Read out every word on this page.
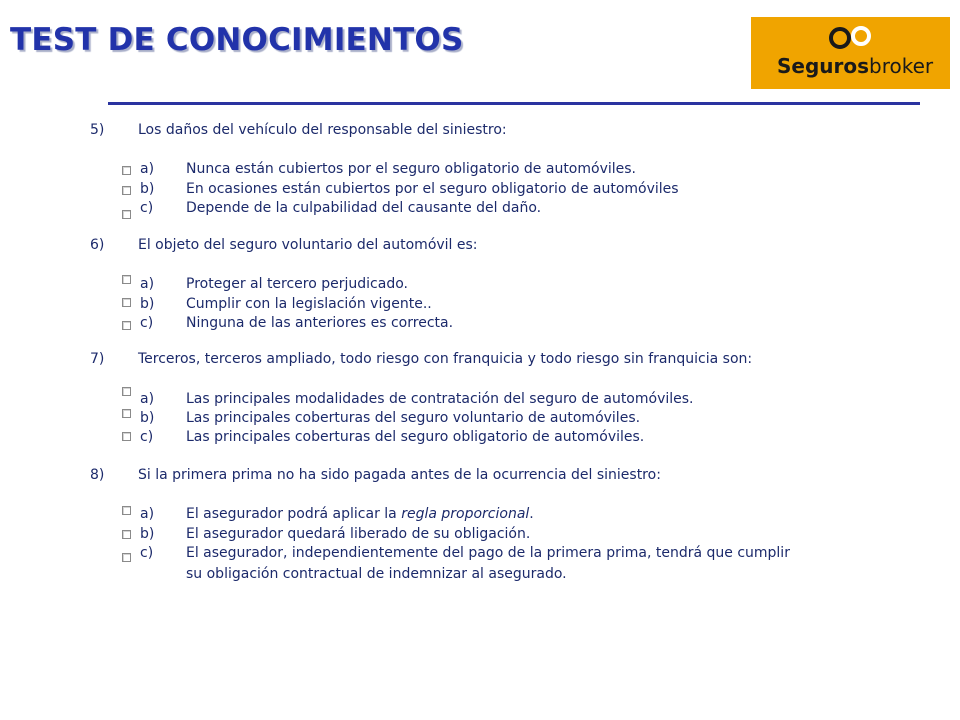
TEST DE CONOCIMIENTOS
Segurosbroker
5) Los daños del vehículo del responsable del siniestro:
a) Nunca están cubiertos por el seguro obligatorio de automóviles.
b) En ocasiones están cubiertos por el seguro obligatorio de automóviles
c) Depende de la culpabilidad del causante del daño.
6) El objeto del seguro voluntario del automóvil es:
a) Proteger al tercero perjudicado.
b) Cumplir con la legislación vigente..
c) Ninguna de las anteriores es correcta.
7) Terceros, terceros ampliado, todo riesgo con franquicia y todo riesgo sin franquicia son:
a) Las principales modalidades de contratación del seguro de automóviles.
b) Las principales coberturas del seguro voluntario de automóviles.
c) Las principales coberturas del seguro obligatorio de automóviles.
8) Si la primera prima no ha sido pagada antes de la ocurrencia del siniestro:
a) El asegurador podrá aplicar la regla proporcional.
b) El asegurador quedará liberado de su obligación.
c) El asegurador, independientemente del pago de la primera prima, tendrá que cumplir
su obligación contractual de indemnizar al asegurado.
